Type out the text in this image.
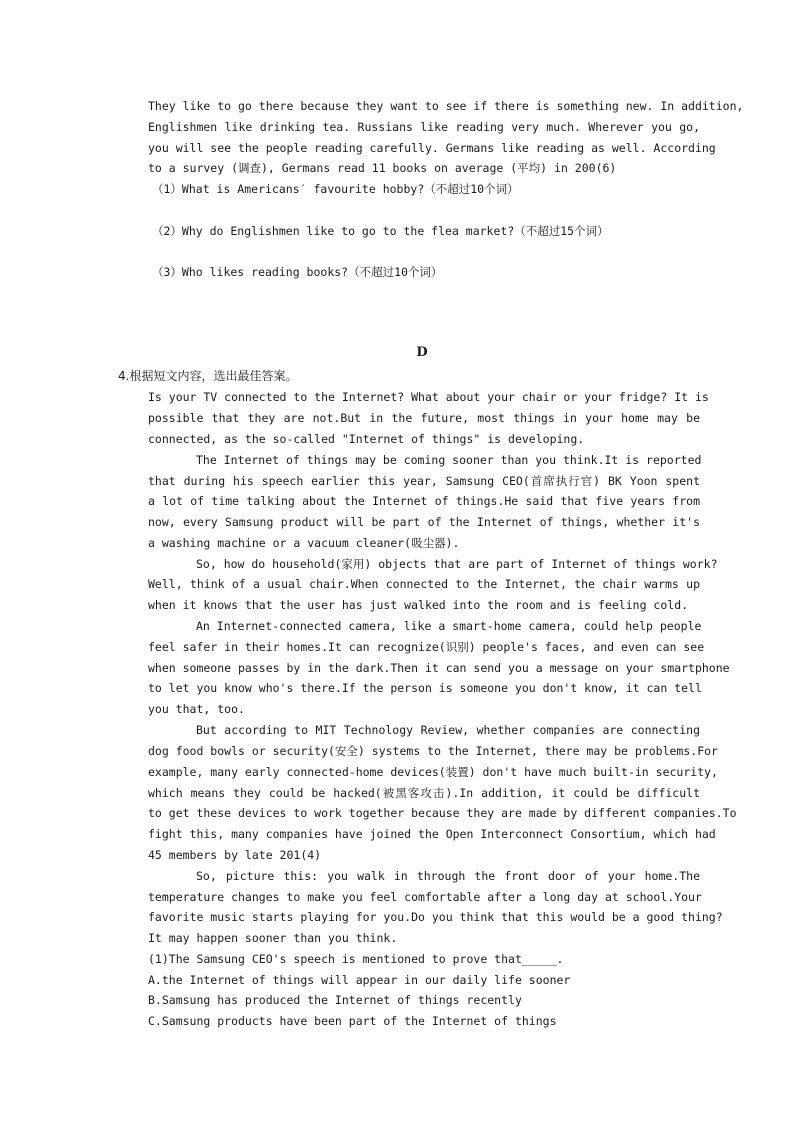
They like to go there because they want to see if there is something new. In addition,
Englishmen like drinking tea. Russians like reading very much. Wherever you go,
you will see the people reading carefully. Germans like reading as well. According
to a survey (调查), Germans read 11 books on average (平均) in 200(6)
（1）What is Americans′ favourite hobby?（不超过10个词）
（2）Why do Englishmen like to go to the flea market?（不超过15个词）
（3）Who likes reading books?（不超过10个词）
D
4.根据短文内容，选出最佳答案。
Is your TV connected to the Internet? What about your chair or your fridge? It is
possible that they are not.But in the future, most things in your home may be
connected, as the so-called "Internet of things" is developing.
The Internet of things may be coming sooner than you think.It is reported
that during his speech earlier this year, Samsung CEO(首席执行官) BK Yoon spent
a lot of time talking about the Internet of things.He said that five years from
now, every Samsung product will be part of the Internet of things, whether it's
a washing machine or a vacuum cleaner(吸尘器).
So, how do household(家用) objects that are part of Internet of things work?
Well, think of a usual chair.When connected to the Internet, the chair warms up
when it knows that the user has just walked into the room and is feeling cold.
An Internet-connected camera, like a smart-home camera, could help people
feel safer in their homes.It can recognize(识别) people's faces, and even can see
when someone passes by in the dark.Then it can send you a message on your smartphone
to let you know who's there.If the person is someone you don't know, it can tell
you that, too.
But according to MIT Technology Review, whether companies are connecting
dog food bowls or security(安全) systems to the Internet, there may be problems.For
example, many early connected-home devices(装置) don't have much built-in security,
which means they could be hacked(被黑客攻击).In addition, it could be difficult
to get these devices to work together because they are made by different companies.To
fight this, many companies have joined the Open Interconnect Consortium, which had
45 members by late 201(4)
So, picture this: you walk in through the front door of your home.The
temperature changes to make you feel comfortable after a long day at school.Your
favorite music starts playing for you.Do you think that this would be a good thing?
It may happen sooner than you think.
(1)The Samsung CEO's speech is mentioned to prove that_____.
A.the Internet of things will appear in our daily life sooner
B.Samsung has produced the Internet of things recently
C.Samsung products have been part of the Internet of things
